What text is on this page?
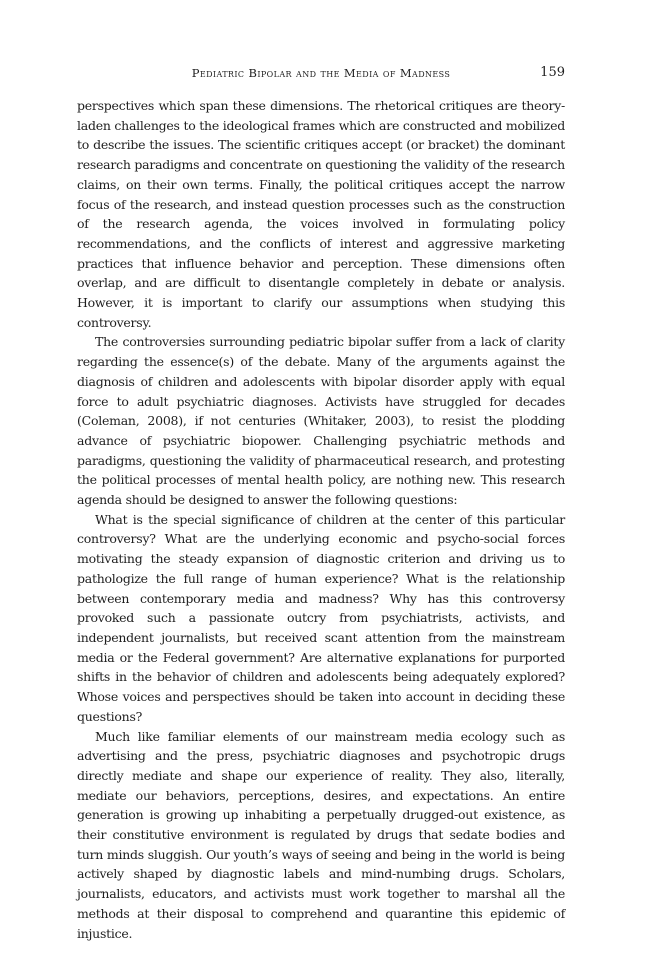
Pediatric Bipolar and the Media of Madness	159

perspectives which span these dimensions. The rhetorical critiques are theory-laden challenges to the ideological frames which are constructed and mobilized to describe the issues. The scientific critiques accept (or bracket) the dominant research paradigms and concentrate on questioning the validity of the research claims, on their own terms. Finally, the political critiques accept the narrow focus of the research, and instead question processes such as the construction of the research agenda, the voices involved in formulating policy recommendations, and the conflicts of interest and aggressive marketing practices that influence behavior and perception. These dimensions often overlap, and are difficult to disentangle completely in debate or analysis. However, it is important to clarify our assumptions when studying this controversy.

The controversies surrounding pediatric bipolar suffer from a lack of clarity regarding the essence(s) of the debate. Many of the arguments against the diagnosis of children and adolescents with bipolar disorder apply with equal force to adult psychiatric diagnoses. Activists have struggled for decades (Coleman, 2008), if not centuries (Whitaker, 2003), to resist the plodding advance of psychiatric biopower. Challenging psychiatric methods and paradigms, questioning the validity of pharmaceutical research, and protesting the political processes of mental health policy, are nothing new. This research agenda should be designed to answer the following questions:

What is the special significance of children at the center of this particular controversy? What are the underlying economic and psycho-social forces motivating the steady expansion of diagnostic criterion and driving us to pathologize the full range of human experience? What is the relationship between contemporary media and madness? Why has this controversy provoked such a passionate outcry from psychiatrists, activists, and independent journalists, but received scant attention from the mainstream media or the Federal government? Are alternative explanations for purported shifts in the behavior of children and adolescents being adequately explored? Whose voices and perspectives should be taken into account in deciding these questions?

Much like familiar elements of our mainstream media ecology such as advertising and the press, psychiatric diagnoses and psychotropic drugs directly mediate and shape our experience of reality. They also, literally, mediate our behaviors, perceptions, desires, and expectations. An entire generation is growing up inhabiting a perpetually drugged-out existence, as their constitutive environment is regulated by drugs that sedate bodies and turn minds sluggish. Our youth’s ways of seeing and being in the world is being actively shaped by diagnostic labels and mind-numbing drugs. Scholars, journalists, educators, and activists must work together to marshal all the methods at their disposal to comprehend and quarantine this epidemic of injustice.
